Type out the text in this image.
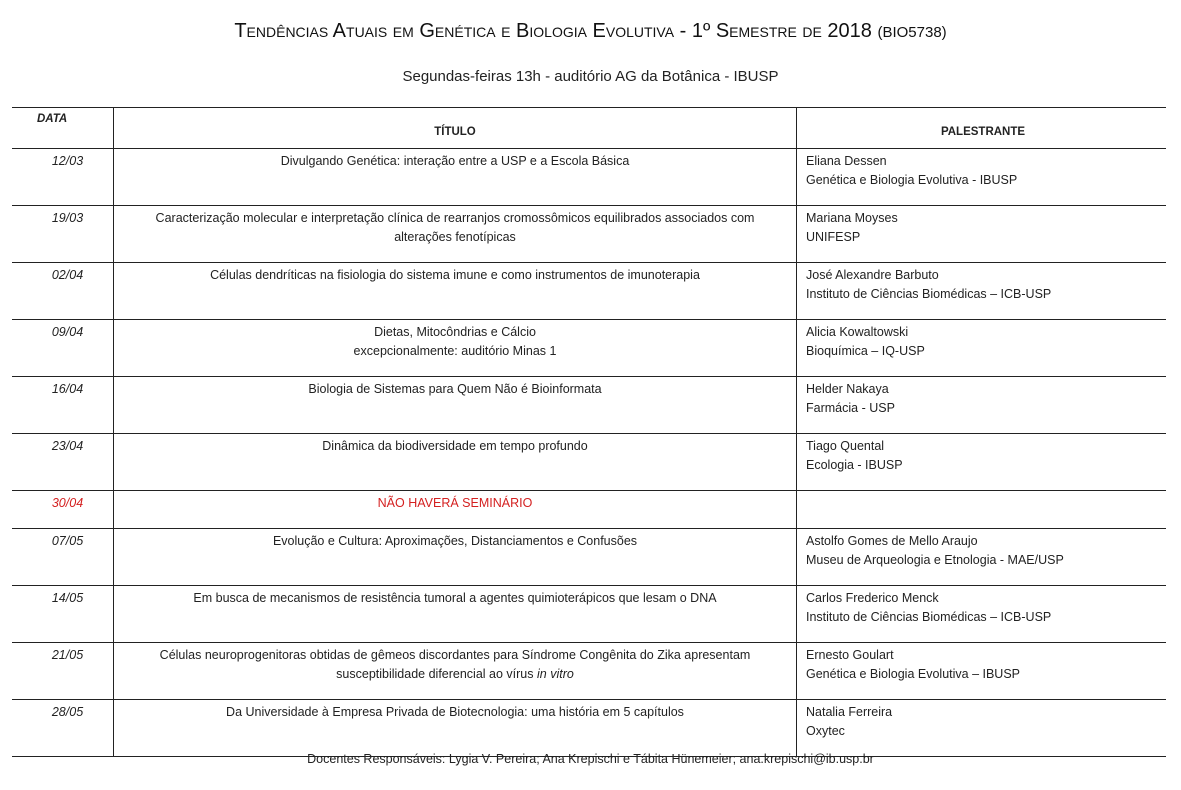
Tendências Atuais em Genética e Biologia Evolutiva - 1º Semestre de 2018 (BIO5738)
Segundas-feiras 13h - auditório AG da Botânica - IBUSP
DATA	TÍTULO	PALESTRANTE
12/03	Divulgando Genética: interação entre a USP e a Escola Básica	Eliana Dessen
Genética e Biologia Evolutiva - IBUSP

19/03	Caracterização molecular e interpretação clínica de rearranjos cromossômicos equilibrados associados com
alterações fenotípicas	Mariana Moyses
UNIFESP

02/04	Células dendríticas na fisiologia do sistema imune e como instrumentos de imunoterapia	José Alexandre Barbuto
Instituto de Ciências Biomédicas – ICB-USP

09/04	Dietas, Mitocôndrias e Cálcio
excepcionalmente: auditório Minas 1	Alicia Kowaltowski
Bioquímica – IQ-USP

16/04	Biologia de Sistemas para Quem Não é Bioinformata	Helder Nakaya
Farmácia - USP

23/04	Dinâmica da biodiversidade em tempo profundo	Tiago Quental
Ecologia - IBUSP

30/04	NÃO HAVERÁ SEMINÁRIO	

07/05	Evolução e Cultura: Aproximações, Distanciamentos e Confusões	Astolfo Gomes de Mello Araujo
Museu de Arqueologia e Etnologia - MAE/USP

14/05	Em busca de mecanismos de resistência tumoral a agentes quimioterápicos que lesam o DNA	Carlos Frederico Menck
Instituto de Ciências Biomédicas – ICB-USP

21/05	Células neuroprogenitoras obtidas de gêmeos discordantes para Síndrome Congênita do Zika apresentam
susceptibilidade diferencial ao vírus in vitro	Ernesto Goulart
Genética e Biologia Evolutiva – IBUSP

28/05	Da Universidade à Empresa Privada de Biotecnologia: uma história em 5 capítulos	Natalia Ferreira
Oxytec
Docentes Responsáveis: Lygia V. Pereira; Ana Krepischi e Tábita Hünemeier; ana.krepischi@ib.usp.br
